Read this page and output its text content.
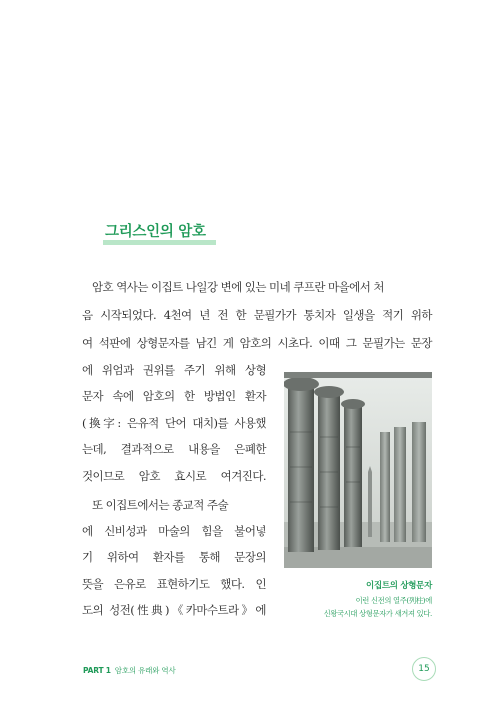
그리스인의 암호
암호 역사는 이집트 나일강 변에 있는 미네 쿠프란 마을에서 처
음 시작되었다. 4천여 년 전 한 문필가가 통치자 일생을 적기 위하
여 석판에 상형문자를 남긴 게 암호의 시초다. 이때 그 문필가는 문장
에 위엄과 권위를 주기 위해 상형
문자 속에 암호의 한 방법인 환자
(換字: 은유적 단어 대치)를 사용했
는데, 결과적으로 내용을 은폐한
것이므로 암호 효시로 여겨진다.
또 이집트에서는 종교적 주술
에 신비성과 마술의 힘을 불어넣
기 위하여 환자를 통해 문장의
뜻을 은유로 표현하기도 했다. 인
도의 성전(性典)《카마수트라》에
이집트의 상형문자
이런 신전의 열주(列柱)에
신왕국시대 상형문자가 새겨져 있다.
PART 1 암호의 유래와 역사	15
